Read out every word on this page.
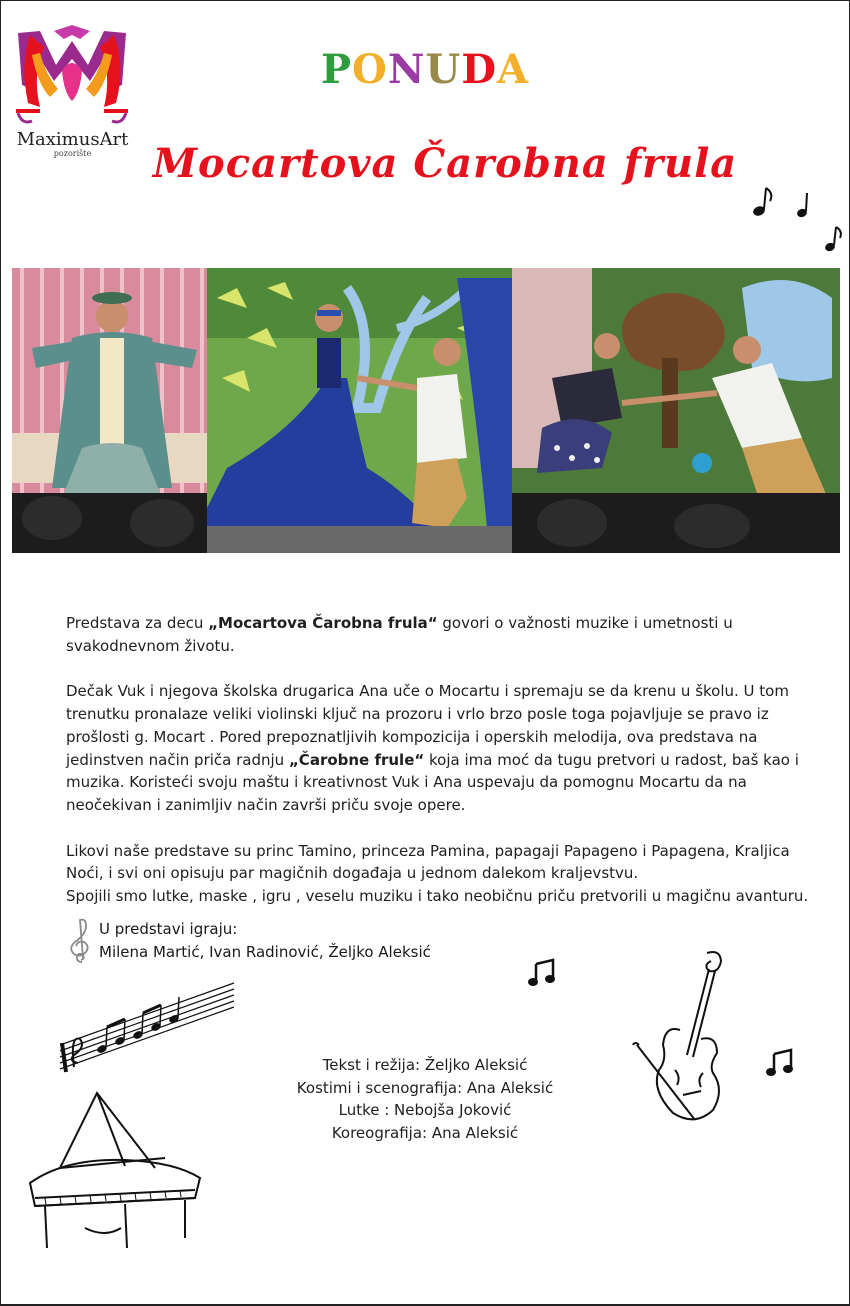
MaximusArt
pozorište
PONUDA
Mocartova Čarobna frula

Predstava za decu „Mocartova Čarobna frula“ govori o važnosti muzike i umetnosti u svakodnevnom životu.

Dečak Vuk i njegova školska drugarica Ana uče o Mocartu i spremaju se da krenu u školu. U tom trenutku pronalaze veliki violinski ključ na prozoru i vrlo brzo posle toga pojavljuje se pravo iz prošlosti g. Mocart . Pored prepoznatljivih kompozicija i operskih melodija, ova predstava na jedinstven način priča radnju „Čarobne frule“ koja ima moć da tugu pretvori u radost, baš kao i muzika. Koristeći svoju maštu i kreativnost Vuk i Ana uspevaju da pomognu Mocartu da na neočekivan i zanimljiv način završi priču svoje opere.

Likovi naše predstave su princ Tamino, princeza Pamina, papagaji Papageno i Papagena, Kraljica Noći, i svi oni opisuju par magičnih događaja u jednom dalekom kraljevstvu.

Spojili smo lutke, maske , igru , veselu muziku i tako neobičnu priču pretvorili u magičnu avanturu.

U predstavi igraju:
Milena Martić, Ivan Radinović, Željko Aleksić
Tekst i režija: Željko Aleksić
Kostimi i scenografija: Ana Aleksić
Lutke : Nebojša Joković
Koreografija: Ana Aleksić
